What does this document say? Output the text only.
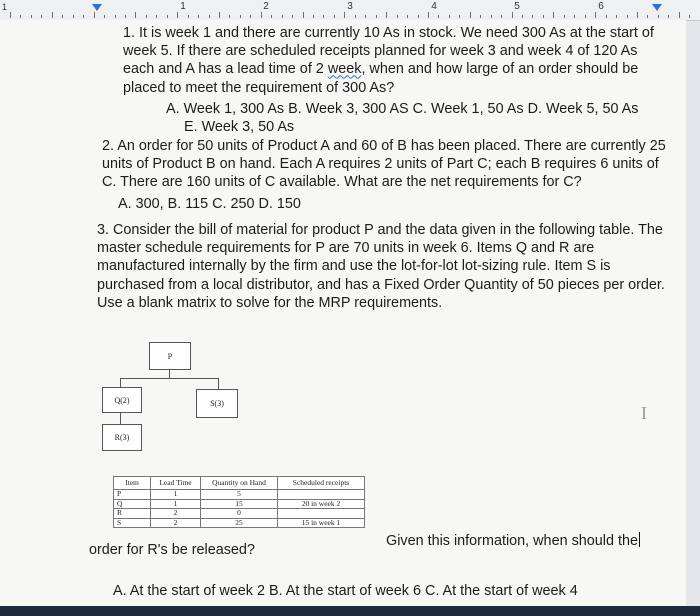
1	1	2	3	4	5	6
1. It is week 1 and there are currently 10 As in stock. We need 300 As at the start of week 5. If there are scheduled receipts planned for week 3 and week 4 of 120 As each and A has a lead time of 2 week, when and how large of an order should be placed to meet the requirement of 300 As?
A. Week 1, 300 As B. Week 3, 300 AS C. Week 1, 50 As D. Week 5, 50 As
E. Week 3, 50 As
2. An order for 50 units of Product A and 60 of B has been placed. There are currently 25 units of Product B on hand. Each A requires 2 units of Part C; each B requires 6 units of C. There are 160 units of C available. What are the net requirements for C?
A. 300, B. 115 C. 250 D. 150
3. Consider the bill of material for product P and the data given in the following table. The master schedule requirements for P are 70 units in week 6. Items Q and R are manufactured internally by the firm and use the lot-for-lot lot-sizing rule. Item S is purchased from a local distributor, and has a Fixed Order Quantity of 50 pieces per order. Use a blank matrix to solve for the MRP requirements.
P
Q(2)	S(3)
R(3)
I
Item	Lead Time	Quantity on Hand	Scheduled receipts
P	1	5	
Q	1	15	20 in week 2
R	2	0	
S	2	25	15 in week 1
Given this information, when should the
order for R's be released?
A. At the start of week 2 B. At the start of week 6 C. At the start of week 4
